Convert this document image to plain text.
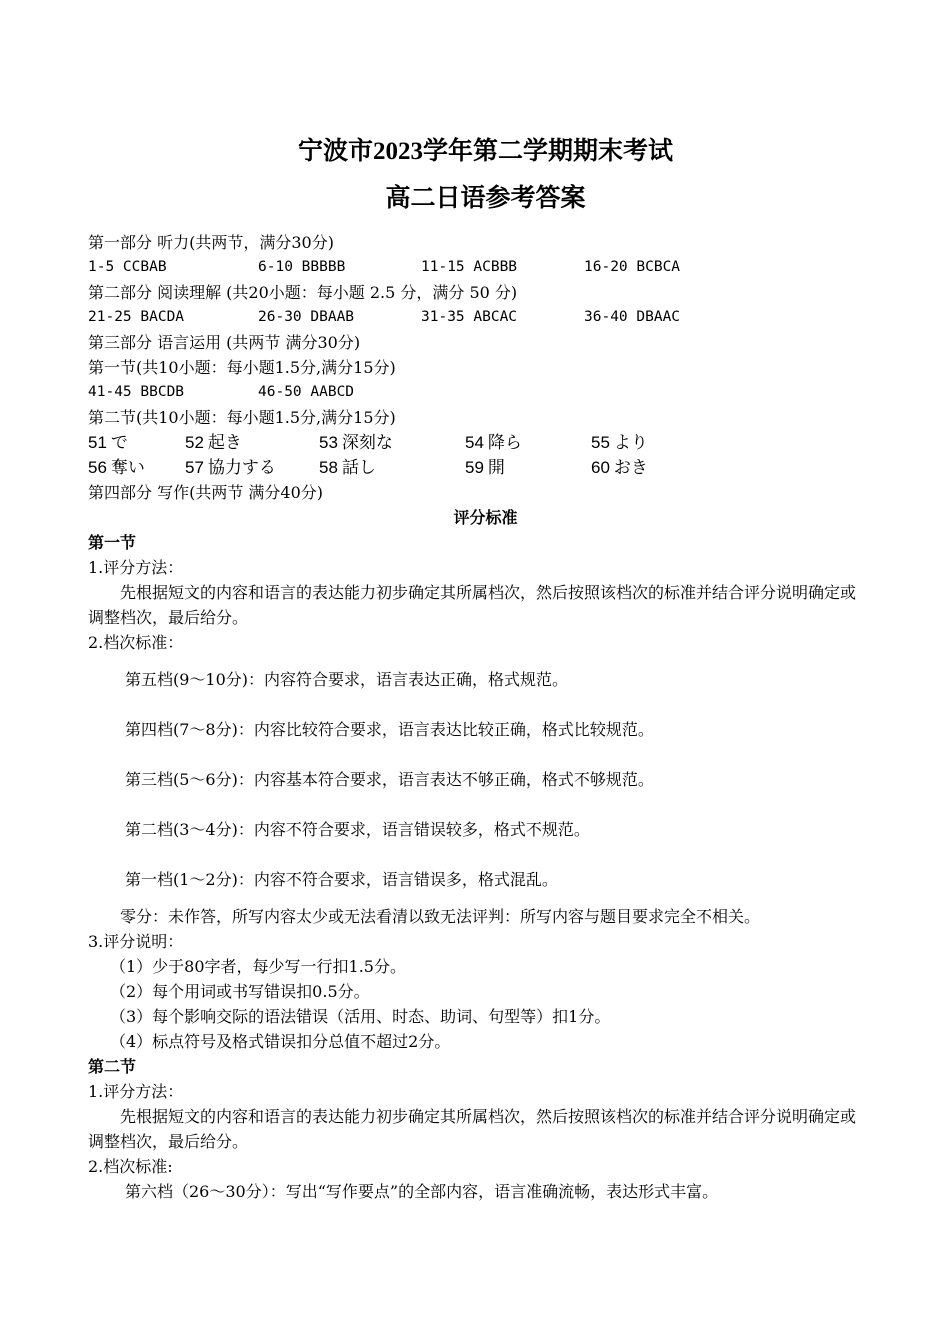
宁波市2023学年第二学期期末考试
高二日语参考答案
第一部分 听力(共两节，满分30分)
1-5 CCBAB	6-10 BBBBB	11-15 ACBBB	16-20 BCBCA
第二部分 阅读理解 (共20小题：每小题 2.5 分，满分 50 分)
21-25 BACDA	26-30 DBAAB	31-35 ABCAC	36-40 DBAAC
第三部分 语言运用 (共两节 满分30分)
第一节(共10小题：每小题1.5分,满分15分)
41-45 BBCDB	46-50 AABCD
第二节(共10小题：每小题1.5分,满分15分)
51 で	52 起き	53 深刻な	54 降ら	55 より
56 奪い	57 協力する	58 話し	59 開	60 おき
第四部分 写作(共两节 满分40分)
评分标准
第一节
1.评分方法：

先根据短文的内容和语言的表达能力初步确定其所属档次，然后按照该档次的标准并结合评分说明确定或调整档次，最后给分。

2.档次标准：
第五档(9～10分)：内容符合要求，语言表达正确，格式规范。
第四档(7～8分)：内容比较符合要求，语言表达比较正确，格式比较规范。
第三档(5～6分)：内容基本符合要求，语言表达不够正确，格式不够规范。
第二档(3～4分)：内容不符合要求，语言错误较多，格式不规范。
第一档(1～2分)：内容不符合要求，语言错误多，格式混乱。

零分：未作答，所写内容太少或无法看清以致无法评判：所写内容与题目要求完全不相关。

3.评分说明：
（1）少于80字者，每少写一行扣1.5分。
（2）每个用词或书写错误扣0.5分。
（3）每个影响交际的语法错误（活用、时态、助词、句型等）扣1分。
（4）标点符号及格式错误扣分总值不超过2分。
第二节
1.评分方法：

先根据短文的内容和语言的表达能力初步确定其所属档次，然后按照该档次的标准并结合评分说明确定或调整档次，最后给分。

2.档次标准:
第六档（26～30分）：写出“写作要点”的全部内容，语言准确流畅，表达形式丰富。
